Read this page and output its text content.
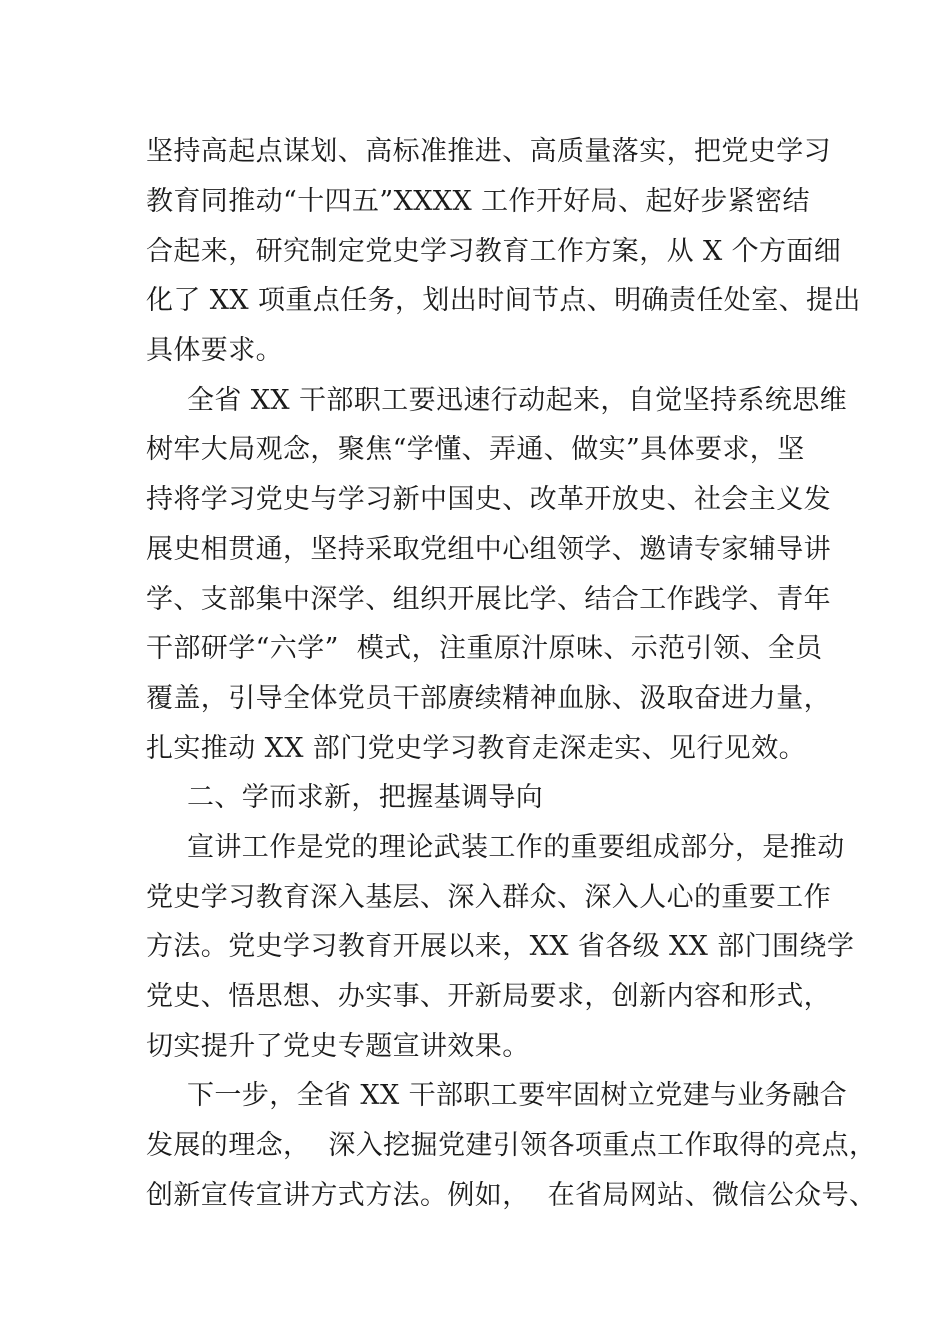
坚持高起点谋划、高标准推进、高质量落实，把党史学习
教育同推动“十四五”XXXX 工作开好局、起好步紧密结
合起来，研究制定党史学习教育工作方案，从 X 个方面细
化了 XX 项重点任务，划出时间节点、明确责任处室、提出
具体要求。
全省 XX 干部职工要迅速行动起来，自觉坚持系统思维
树牢大局观念，聚焦“学懂、弄通、做实”具体要求，坚
持将学习党史与学习新中国史、改革开放史、社会主义发
展史相贯通，坚持采取党组中心组领学、邀请专家辅导讲
学、支部集中深学、组织开展比学、结合工作践学、青年
干部研学“六学”  模式，注重原汁原味、示范引领、全员
覆盖，引导全体党员干部赓续精神血脉、汲取奋进力量，
扎实推动 XX 部门党史学习教育走深走实、见行见效。
二、学而求新，把握基调导向
宣讲工作是党的理论武装工作的重要组成部分，是推动
党史学习教育深入基层、深入群众、深入人心的重要工作
方法。党史学习教育开展以来，XX 省各级 XX 部门围绕学
党史、悟思想、办实事、开新局要求，创新内容和形式，
切实提升了党史专题宣讲效果。
下一步，全省 XX 干部职工要牢固树立党建与业务融合
发展的理念，  深入挖掘党建引领各项重点工作取得的亮点，
创新宣传宣讲方式方法。例如，  在省局网站、微信公众号、
